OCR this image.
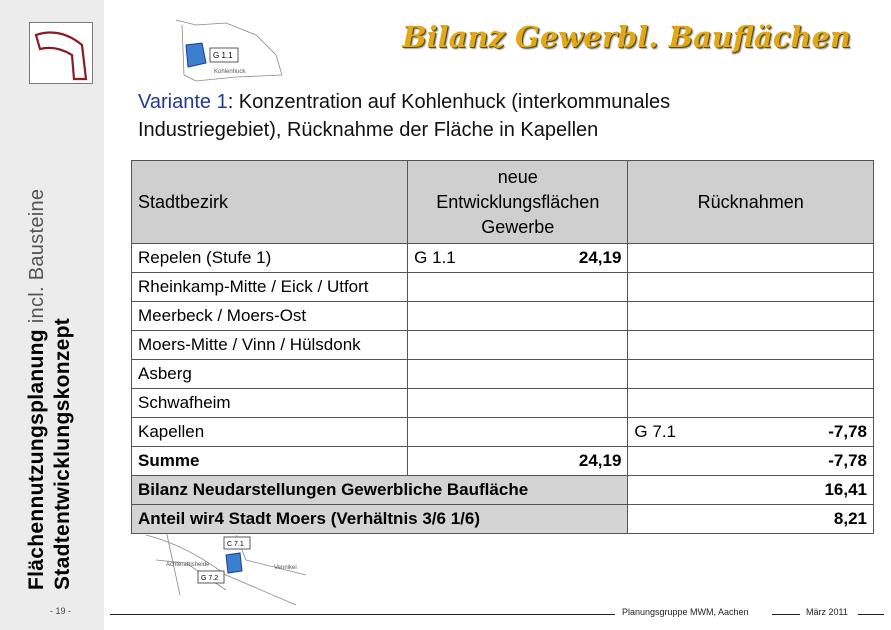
Flächennutzungsplanung incl. Bausteine
Stadtentwicklungskonzept
- 19 -
G 1.1
Kohlenhuck
C 7.1
G 7.2
Achterathsheide	Vennikel
Bilanz Gewerbl. Bauflächen
Variante 1: Konzentration auf Kohlenhuck (interkommunales
Industriegebiet), Rücknahme der Fläche in Kapellen
Stadtbezirk	neue
Entwicklungsflächen
Gewerbe	Rücknahmen
Repelen (Stufe 1)	G 1.1 24,19	

Rheinkamp-Mitte / Eick / Utfort	

Meerbeck / Moers-Ost	

Moers-Mitte / Vinn / Hülsdonk	

Asberg	

Schwafheim	

Kapellen		G 7.1 -7,78

Summe	24,19	-7,78
Bilanz Neudarstellungen Gewerbliche Baufläche		16,41
Anteil wir4 Stadt Moers (Verhältnis 3/6 1/6)		8,21
Planungsgruppe MWM, Aachen	März 2011
